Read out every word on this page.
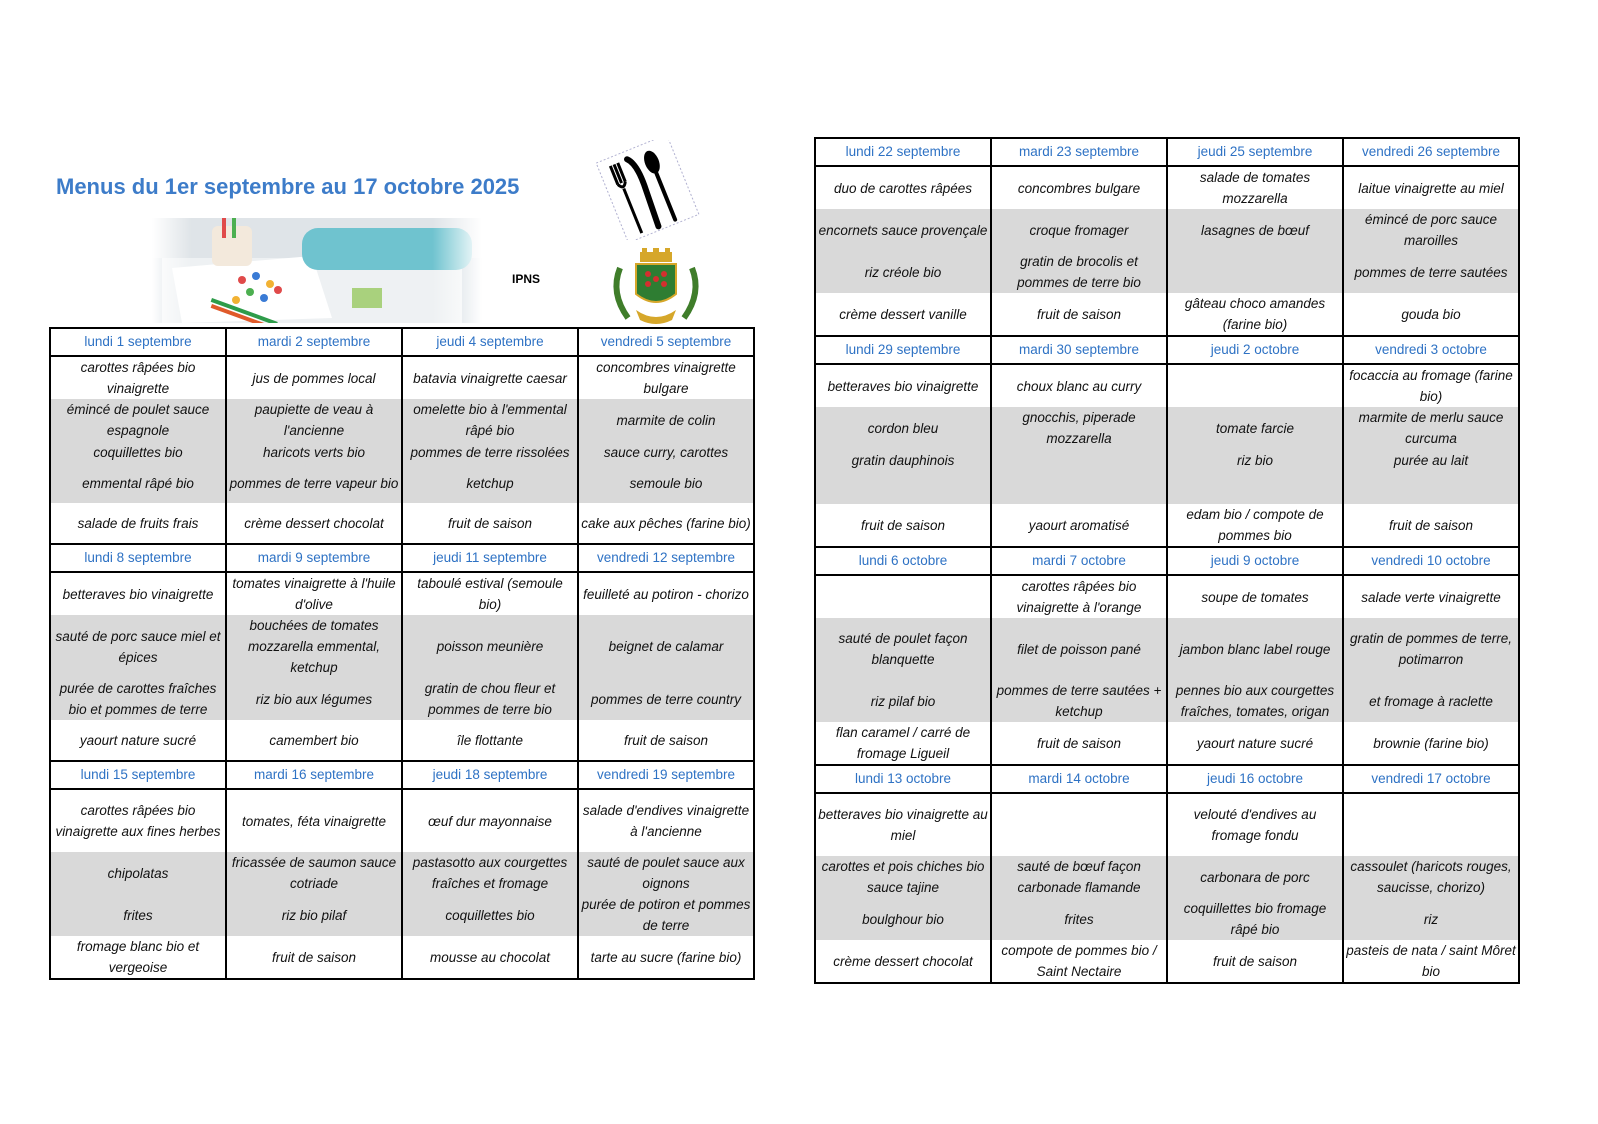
Menus du 1er septembre au 17 octobre 2025
IPNS
lundi 1 septembre	mardi 2 septembre	jeudi 4 septembre	vendredi 5 septembre
carottes râpées bio vinaigrette	jus de pommes local	batavia vinaigrette caesar	concombres vinaigrette bulgare
émincé de poulet sauce espagnole	paupiette de veau à l'ancienne	omelette bio à l'emmental râpé bio	marmite de colin
coquillettes bio	haricots verts bio	pommes de terre rissolées	sauce curry, carottes
emmental râpé bio	pommes de terre vapeur bio	ketchup	semoule bio
salade de fruits frais	crème dessert chocolat	fruit de saison	cake aux pêches (farine bio)
lundi 8 septembre	mardi 9 septembre	jeudi 11 septembre	vendredi 12 septembre
betteraves bio vinaigrette	tomates vinaigrette à l'huile d'olive	taboulé estival (semoule bio)	feuilleté au potiron - chorizo
sauté de porc sauce miel et épices	bouchées de tomates mozzarella emmental, ketchup	poisson meunière	beignet de calamar
purée de carottes fraîches bio et pommes de terre	riz bio aux légumes	gratin de chou fleur et pommes de terre bio	pommes de terre country
yaourt nature sucré	camembert bio	île flottante	fruit de saison
lundi 15 septembre	mardi 16 septembre	jeudi 18 septembre	vendredi 19 septembre
carottes râpées bio vinaigrette aux fines herbes	tomates, féta vinaigrette	œuf dur mayonnaise	salade d'endives vinaigrette à l'ancienne
chipolatas	fricassée de saumon sauce cotriade	pastasotto aux courgettes fraîches et fromage	sauté de poulet sauce aux oignons
frites	riz bio pilaf	coquillettes bio	purée de potiron et pommes de terre
fromage blanc bio et vergeoise	fruit de saison	mousse au chocolat	tarte au sucre (farine bio)
lundi 22 septembre	mardi 23 septembre	jeudi 25 septembre	vendredi 26 septembre
duo de carottes râpées	concombres bulgare	salade de tomates mozzarella	laitue vinaigrette au miel
encornets sauce provençale	croque fromager	lasagnes de bœuf	émincé de porc sauce maroilles
riz créole bio	gratin de brocolis et pommes de terre bio		pommes de terre sautées
crème dessert vanille	fruit de saison	gâteau choco amandes (farine bio)	gouda bio
lundi 29 septembre	mardi 30 septembre	jeudi 2 octobre	vendredi 3 octobre
betteraves bio vinaigrette	choux blanc au curry		focaccia au fromage (farine bio)
cordon bleu	gnocchis, piperade mozzarella	tomate farcie	marmite de merlu sauce curcuma
gratin dauphinois		riz bio	purée au lait

fruit de saison	yaourt aromatisé	edam bio / compote de pommes bio	fruit de saison
lundi 6 octobre	mardi 7 octobre	jeudi 9 octobre	vendredi 10 octobre
	carottes râpées bio vinaigrette à l'orange	soupe de tomates	salade verte vinaigrette
sauté de poulet façon blanquette	filet de poisson pané	jambon blanc label rouge	gratin de pommes de terre, potimarron
riz pilaf bio	pommes de terre sautées + ketchup	pennes bio aux courgettes fraîches, tomates, origan	et fromage à raclette
flan caramel / carré de fromage Ligueil	fruit de saison	yaourt nature sucré	brownie (farine bio)
lundi 13 octobre	mardi 14 octobre	jeudi 16 octobre	vendredi 17 octobre
betteraves bio vinaigrette au miel		velouté d'endives au fromage fondu	
carottes et pois chiches bio sauce tajine	sauté de bœuf façon carbonade flamande	carbonara de porc	cassoulet (haricots rouges, saucisse, chorizo)
boulghour bio	frites	coquillettes bio fromage râpé bio	riz
crème dessert chocolat	compote de pommes bio / Saint Nectaire	fruit de saison	pasteis de nata / saint Môret bio
